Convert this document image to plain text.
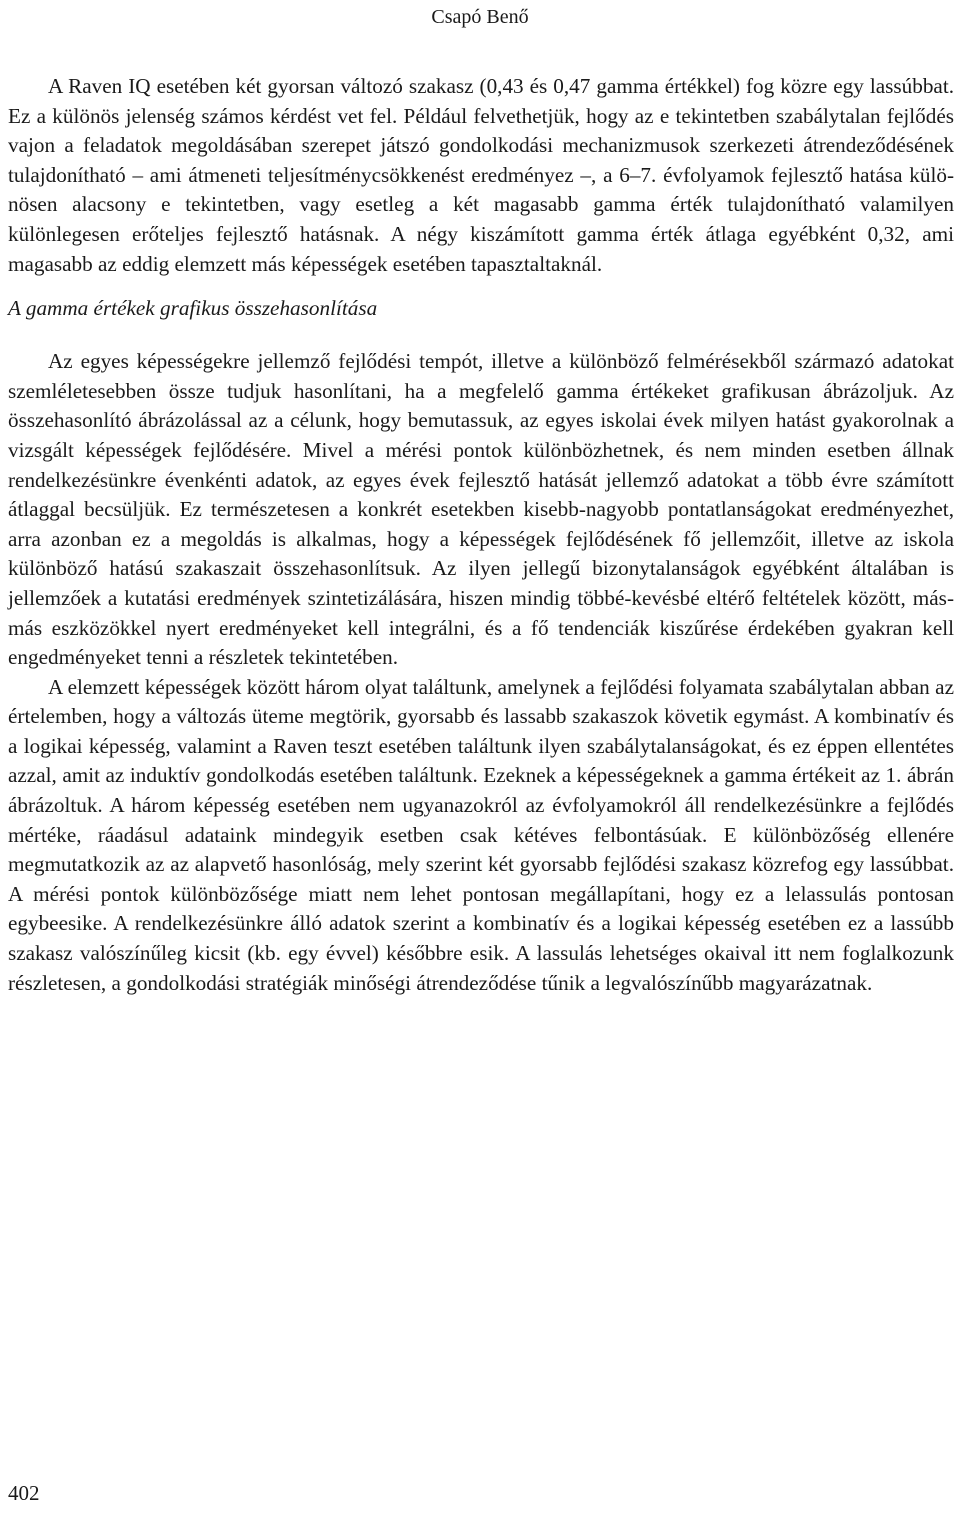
Csapó Benő

A Raven IQ esetében két gyorsan változó szakasz (0,43 és 0,47 gamma értékkel) fog közre egy lassúbbat. Ez a különös jelenség számos kérdést vet fel. Például felvethetjük, hogy az e tekintetben szabálytalan fejlődés vajon a feladatok megoldásában szerepet játszó gondolkodási mechanizmusok szerkezeti átrendeződésének tulajdonítható – ami átmeneti teljesítménycsökkenést eredményez –, a 6–7. évfolyamok fejlesztő hatása különösen alacsony e tekintetben, vagy esetleg a két magasabb gamma érték tulajdonítható valamilyen különlegesen erőteljes fejlesztő hatásnak. A négy kiszámított gamma érték átlaga egyébként 0,32, ami magasabb az eddig elemzett más képességek esetében tapasztaltaknál.

A gamma értékek grafikus összehasonlítása

Az egyes képességekre jellemző fejlődési tempót, illetve a különböző felmérésekből származó adatokat szemléletesebben össze tudjuk hasonlítani, ha a megfelelő gamma értékeket grafikusan ábrázoljuk. Az összehasonlító ábrázolással az a célunk, hogy bemutassuk, az egyes iskolai évek milyen hatást gyakorolnak a vizsgált képességek fejlődésére. Mivel a mérési pontok különbözhetnek, és nem minden esetben állnak rendelkezésünkre évenkénti adatok, az egyes évek fejlesztő hatását jellemző adatokat a több évre számított átlaggal becsüljük. Ez természetesen a konkrét esetekben kisebb-nagyobb pontatlanságokat eredményezhet, arra azonban ez a megoldás is alkalmas, hogy a képességek fejlődésének fő jellemzőit, illetve az iskola különböző hatású szakaszait összehasonlítsuk. Az ilyen jellegű bizonytalanságok egyébként általában is jellemzőek a kutatási eredmények szintetizálására, hiszen mindig többé-kevésbé eltérő feltételek között, másmás eszközökkel nyert eredményeket kell integrálni, és a fő tendenciák kiszűrése érdekében gyakran kell engedményeket tenni a részletek tekintetében.

A elemzett képességek között három olyat találtunk, amelynek a fejlődési folyamata szabálytalan abban az értelemben, hogy a változás üteme megtörik, gyorsabb és lassabb szakaszok követik egymást. A kombinatív és a logikai képesség, valamint a Raven teszt esetében találtunk ilyen szabálytalanságokat, és ez éppen ellentétes azzal, amit az induktív gondolkodás esetében találtunk. Ezeknek a képességeknek a gamma értékeit az 1. ábrán ábrázoltuk. A három képesség esetében nem ugyanazokról az évfolyamokról áll rendelkezésünkre a fejlődés mértéke, ráadásul adataink mindegyik esetben csak kétéves felbontásúak. E különbözőség ellenére megmutatkozik az az alapvető hasonlóság, mely szerint két gyorsabb fejlődési szakasz közrefog egy lassúbbat. A mérési pontok különbözősége miatt nem lehet pontosan megállapítani, hogy ez a lelassulás pontosan egybeesike. A rendelkezésünkre álló adatok szerint a kombinatív és a logikai képesség esetében ez a lassúbb szakasz valószínűleg kicsit (kb. egy évvel) későbbre esik. A lassulás lehetséges okaival itt nem foglalkozunk részletesen, a gondolkodási stratégiák minőségi átrendeződése tűnik a legvalószínűbb magyarázatnak.

402
